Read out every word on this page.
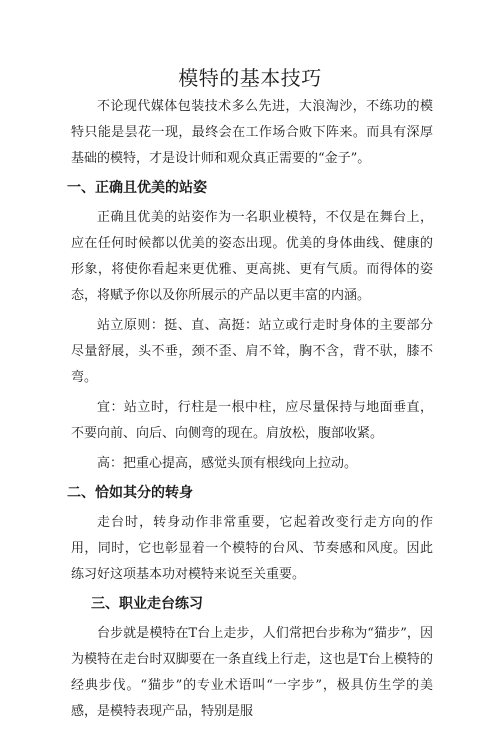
模特的基本技巧

不论现代媒体包装技术多么先进，大浪淘沙，不练功的模特只能是昙花一现，最终会在工作场合败下阵来。而具有深厚基础的模特，才是设计师和观众真正需要的“金子”。

一、正确且优美的站姿

正确且优美的站姿作为一名职业模特，不仅是在舞台上，应在任何时候都以优美的姿态出现。优美的身体曲线、健康的形象，将使你看起来更优雅、更高挑、更有气质。而得体的姿态，将赋予你以及你所展示的产品以更丰富的内涵。

站立原则：挺、直、高挺：站立或行走时身体的主要部分尽量舒展，头不垂，颈不歪、肩不耸，胸不含，背不驮，膝不弯。

宜：站立时，行柱是一根中柱，应尽量保持与地面垂直，不要向前、向后、向侧弯的现在。肩放松，腹部收紧。

高：把重心提高，感觉头顶有根线向上拉动。

二、恰如其分的转身

走台时，转身动作非常重要，它起着改变行走方向的作用，同时，它也彰显着一个模特的台风、节奏感和风度。因此练习好这项基本功对模特来说至关重要。

三、职业走台练习

台步就是模特在T台上走步，人们常把台步称为“猫步”，因为模特在走台时双脚要在一条直线上行走，这也是T台上模特的经典步伐。“猫步”的专业术语叫“一字步”，极具仿生学的美感，是模特表现产品，特别是服
